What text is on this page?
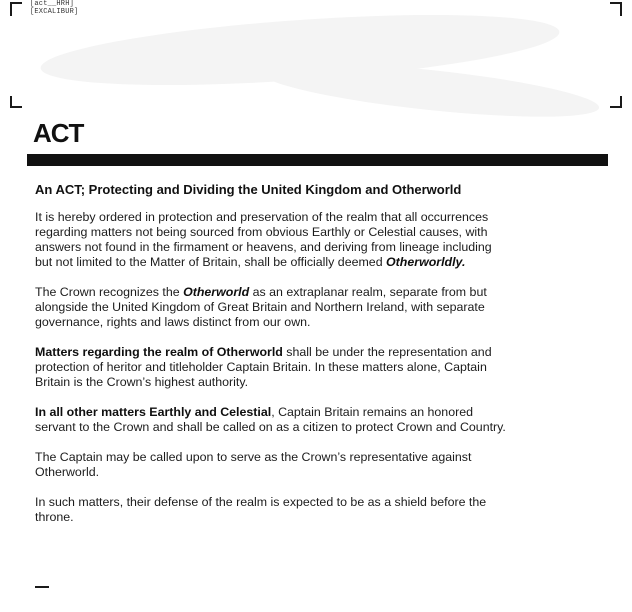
[act__HRH]
[EXCALIBUR]
ACT

An ACT; Protecting and Dividing the United Kingdom and Otherworld

It is hereby ordered in protection and preservation of the realm that all occurrences regarding matters not being sourced from obvious Earthly or Celestial causes, with answers not found in the firmament or heavens, and deriving from lineage including but not limited to the Matter of Britain, shall be officially deemed Otherworldly.

The Crown recognizes the Otherworld as an extraplanar realm, separate from but alongside the United Kingdom of Great Britain and Northern Ireland, with separate governance, rights and laws distinct from our own.

Matters regarding the realm of Otherworld shall be under the representation and protection of heritor and titleholder Captain Britain. In these matters alone, Captain Britain is the Crown’s highest authority.

In all other matters Earthly and Celestial, Captain Britain remains an honored servant to the Crown and shall be called on as a citizen to protect Crown and Country.

The Captain may be called upon to serve as the Crown’s representative against Otherworld.

In such matters, their defense of the realm is expected to be as a shield before the throne.
